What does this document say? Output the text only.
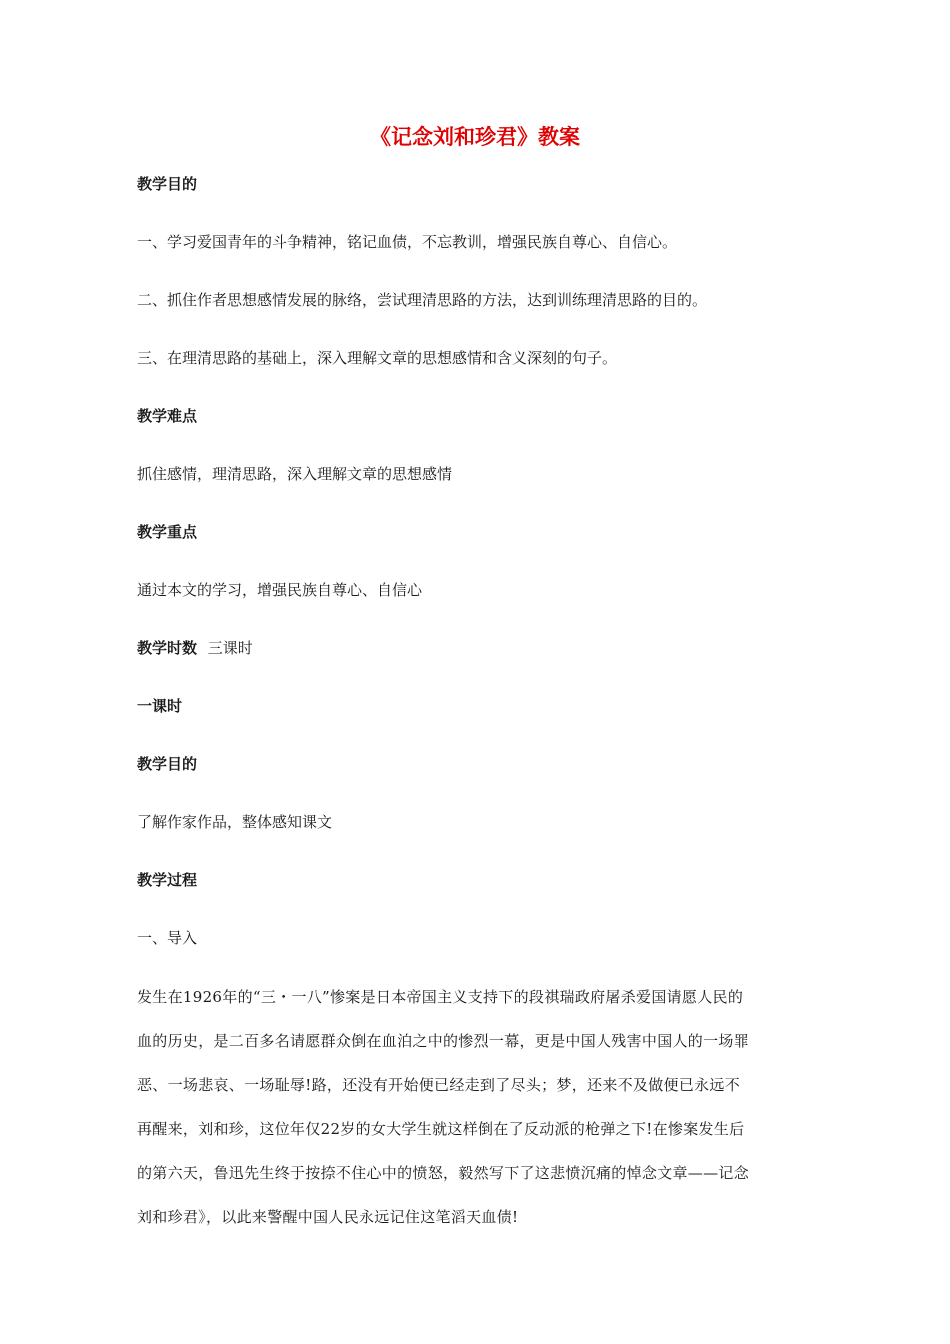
《记念刘和珍君》教案
教学目的
一、学习爱国青年的斗争精神，铭记血债，不忘教训，增强民族自尊心、自信心。
二、抓住作者思想感情发展的脉络，尝试理清思路的方法，达到训练理清思路的目的。
三、在理清思路的基础上，深入理解文章的思想感情和含义深刻的句子。
教学难点
抓住感情，理清思路，深入理解文章的思想感情
教学重点
通过本文的学习，增强民族自尊心、自信心
教学时数 三课时
一课时
教学目的
了解作家作品，整体感知课文
教学过程
一、导入
发生在1926年的“三・一八”惨案是日本帝国主义支持下的段祺瑞政府屠杀爱国请愿人民的
血的历史，是二百多名请愿群众倒在血泊之中的惨烈一幕，更是中国人残害中国人的一场罪
恶、一场悲哀、一场耻辱!路，还没有开始便已经走到了尽头；梦，还来不及做便已永远不
再醒来，刘和珍，这位年仅22岁的女大学生就这样倒在了反动派的枪弹之下!在惨案发生后
的第六天，鲁迅先生终于按捺不住心中的愤怒，毅然写下了这悲愤沉痛的悼念文章——记念
刘和珍君》，以此来警醒中国人民永远记住这笔滔天血债!
